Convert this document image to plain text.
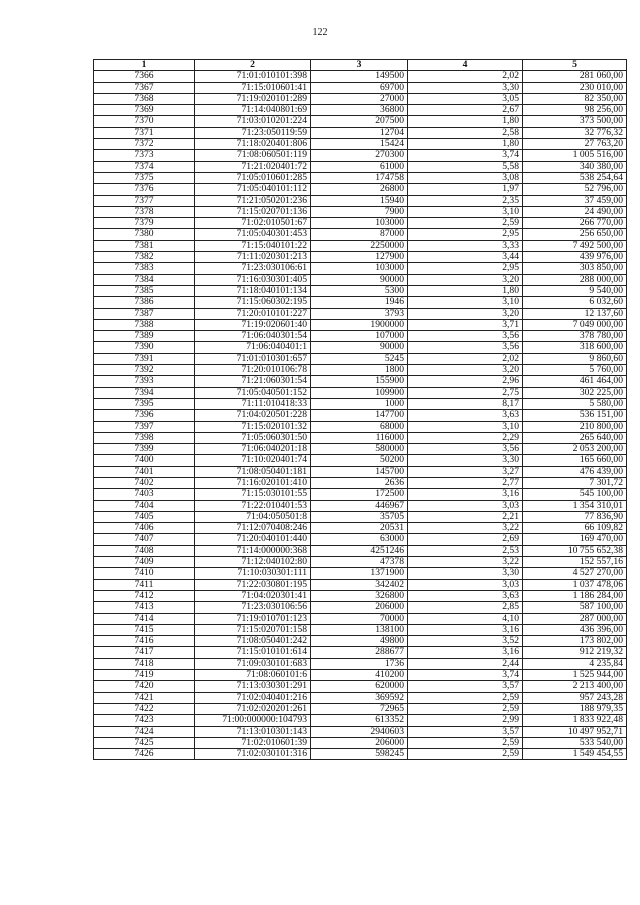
122
1	2	3	4	5
7366	71:01:010101:398	149500	2,02	281 060,00
7367	71:15:010601:41	69700	3,30	230 010,00
7368	71:19:020101:289	27000	3,05	82 350,00
7369	71:14:040801:69	36800	2,67	98 256,00
7370	71:03:010201:224	207500	1,80	373 500,00
7371	71:23:050119:59	12704	2,58	32 776,32
7372	71:18:020401:806	15424	1,80	27 763,20
7373	71:08:060501:119	270300	3,74	1 005 516,00
7374	71:21:020401:72	61000	5,58	340 380,00
7375	71:05:010601:285	174758	3,08	538 254,64
7376	71:05:040101:112	26800	1,97	52 796,00
7377	71:21:050201:236	15940	2,35	37 459,00
7378	71:15:020701:136	7900	3,10	24 490,00
7379	71:02:010501:67	103000	2,59	266 770,00
7380	71:05:040301:453	87000	2,95	256 650,00
7381	71:15:040101:22	2250000	3,33	7 492 500,00
7382	71:11:020301:213	127900	3,44	439 976,00
7383	71:23:030106:61	103000	2,95	303 850,00
7384	71:16:030301:405	90000	3,20	288 000,00
7385	71:18:040101:134	5300	1,80	9 540,00
7386	71:15:060302:195	1946	3,10	6 032,60
7387	71:20:010101:227	3793	3,20	12 137,60
7388	71:19:020601:40	1900000	3,71	7 049 000,00
7389	71:06:040301:54	107000	3,56	378 780,00
7390	71:06:040401:1	90000	3,56	318 600,00
7391	71:01:010301:657	5245	2,02	9 860,60
7392	71:20:010106:78	1800	3,20	5 760,00
7393	71:21:060301:54	155900	2,96	461 464,00
7394	71:05:040501:152	109900	2,75	302 225,00
7395	71:11:010418:33	1000	8,17	5 580,00
7396	71:04:020501:228	147700	3,63	536 151,00
7397	71:15:020101:32	68000	3,10	210 800,00
7398	71:05:060301:50	116000	2,29	265 640,00
7399	71:06:040201:18	580000	3,56	2 053 200,00
7400	71:10:020401:74	50200	3,30	165 660,00
7401	71:08:050401:181	145700	3,27	476 439,00
7402	71:16:020101:410	2636	2,77	7 301,72
7403	71:15:030101:55	172500	3,16	545 100,00
7404	71:22:010401:53	446967	3,03	1 354 310,01
7405	71:04:050501:8	35705	2,21	77 836,90
7406	71:12:070408:246	20531	3,22	66 109,82
7407	71:20:040101:440	63000	2,69	169 470,00
7408	71:14:000000:368	4251246	2,53	10 755 652,38
7409	71:12:040102:80	47378	3,22	152 557,16
7410	71:10:030301:111	1371900	3,30	4 527 270,00
7411	71:22:030801:195	342402	3,03	1 037 478,06
7412	71:04:020301:41	326800	3,63	1 186 284,00
7413	71:23:030106:56	206000	2,85	587 100,00
7414	71:19:010701:123	70000	4,10	287 000,00
7415	71:15:020701:158	138100	3,16	436 396,00
7416	71:08:050401:242	49800	3,52	173 802,00
7417	71:15:010101:614	288677	3,16	912 219,32
7418	71:09:030101:683	1736	2,44	4 235,84
7419	71:08:060101:6	410200	3,74	1 525 944,00
7420	71:13:030301:291	620000	3,57	2 213 400,00
7421	71:02:040401:216	369592	2,59	957 243,28
7422	71:02:020201:261	72965	2,59	188 979,35
7423	71:00:000000:104793	613352	2,99	1 833 922,48
7424	71:13:010301:143	2940603	3,57	10 497 952,71
7425	71:02:010601:39	206000	2,59	533 540,00
7426	71:02:030101:316	598245	2,59	1 549 454,55
